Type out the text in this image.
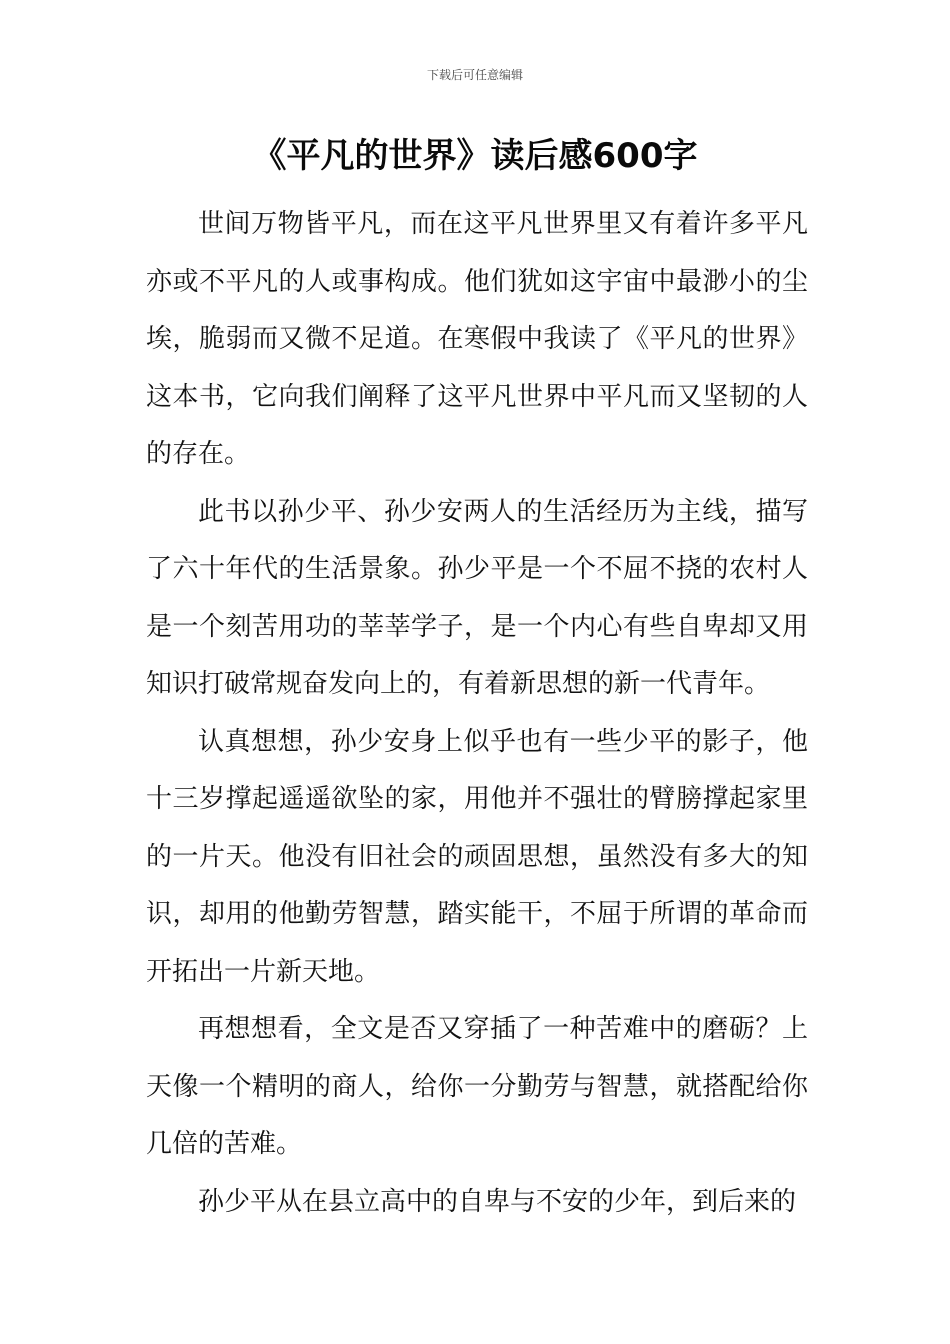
下载后可任意编辑
《平凡的世界》读后感600字

世间万物皆平凡，而在这平凡世界里又有着许多平凡亦或不平凡的人或事构成。他们犹如这宇宙中最渺小的尘埃，脆弱而又微不足道。在寒假中我读了《平凡的世界》这本书，它向我们阐释了这平凡世界中平凡而又坚韧的人的存在。

此书以孙少平、孙少安两人的生活经历为主线，描写了六十年代的生活景象。孙少平是一个不屈不挠的农村人是一个刻苦用功的莘莘学子，是一个内心有些自卑却又用知识打破常规奋发向上的，有着新思想的新一代青年。

认真想想，孙少安身上似乎也有一些少平的影子，他十三岁撑起遥遥欲坠的家，用他并不强壮的臂膀撑起家里的一片天。他没有旧社会的顽固思想，虽然没有多大的知识，却用的他勤劳智慧，踏实能干，不屈于所谓的革命而开拓出一片新天地。

再想想看，全文是否又穿插了一种苦难中的磨砺？上天像一个精明的商人，给你一分勤劳与智慧，就搭配给你几倍的苦难。

孙少平从在县立高中的自卑与不安的少年，到后来的
